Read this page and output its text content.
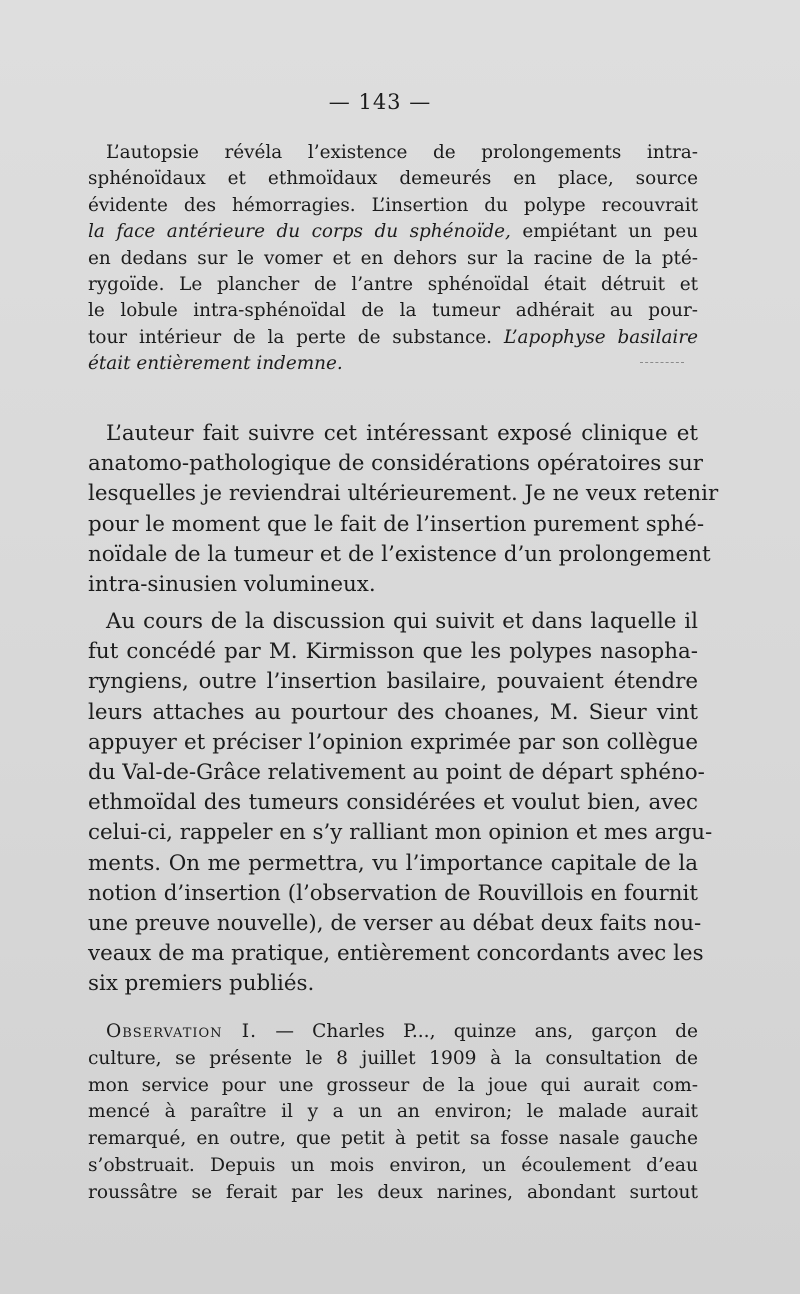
— 143 —
L’autopsie révéla l’existence de prolongements intra-
sphénoïdaux et ethmoïdaux demeurés en place, source
évidente des hémorragies. L’insertion du polype recouvrait
la face antérieure du corps du sphénoïde, empiétant un peu
en dedans sur le vomer et en dehors sur la racine de la pté-
rygoïde. Le plancher de l’antre sphénoïdal était détruit et
le lobule intra-sphénoïdal de la tumeur adhérait au pour-
tour intérieur de la perte de substance. L’apophyse basilaire
était entièrement indemne.
L’auteur fait suivre cet intéressant exposé clinique et
anatomo-pathologique de considérations opératoires sur
lesquelles je reviendrai ultérieurement. Je ne veux retenir
pour le moment que le fait de l’insertion purement sphé-
noïdale de la tumeur et de l’existence d’un prolongement
intra-sinusien volumineux.
Au cours de la discussion qui suivit et dans laquelle il
fut concédé par M. Kirmisson que les polypes nasopha-
ryngiens, outre l’insertion basilaire, pouvaient étendre
leurs attaches au pourtour des choanes, M. Sieur vint
appuyer et préciser l’opinion exprimée par son collègue
du Val-de-Grâce relativement au point de départ sphéno-
ethmoïdal des tumeurs considérées et voulut bien, avec
celui-ci, rappeler en s’y ralliant mon opinion et mes argu-
ments. On me permettra, vu l’importance capitale de la
notion d’insertion (l’observation de Rouvillois en fournit
une preuve nouvelle), de verser au débat deux faits nou-
veaux de ma pratique, entièrement concordants avec les
six premiers publiés.
Observation I. — Charles P..., quinze ans, garçon de
culture, se présente le 8 juillet 1909 à la consultation de
mon service pour une grosseur de la joue qui aurait com-
mencé à paraître il y a un an environ; le malade aurait
remarqué, en outre, que petit à petit sa fosse nasale gauche
s’obstruait. Depuis un mois environ, un écoulement d’eau
roussâtre se ferait par les deux narines, abondant surtout
